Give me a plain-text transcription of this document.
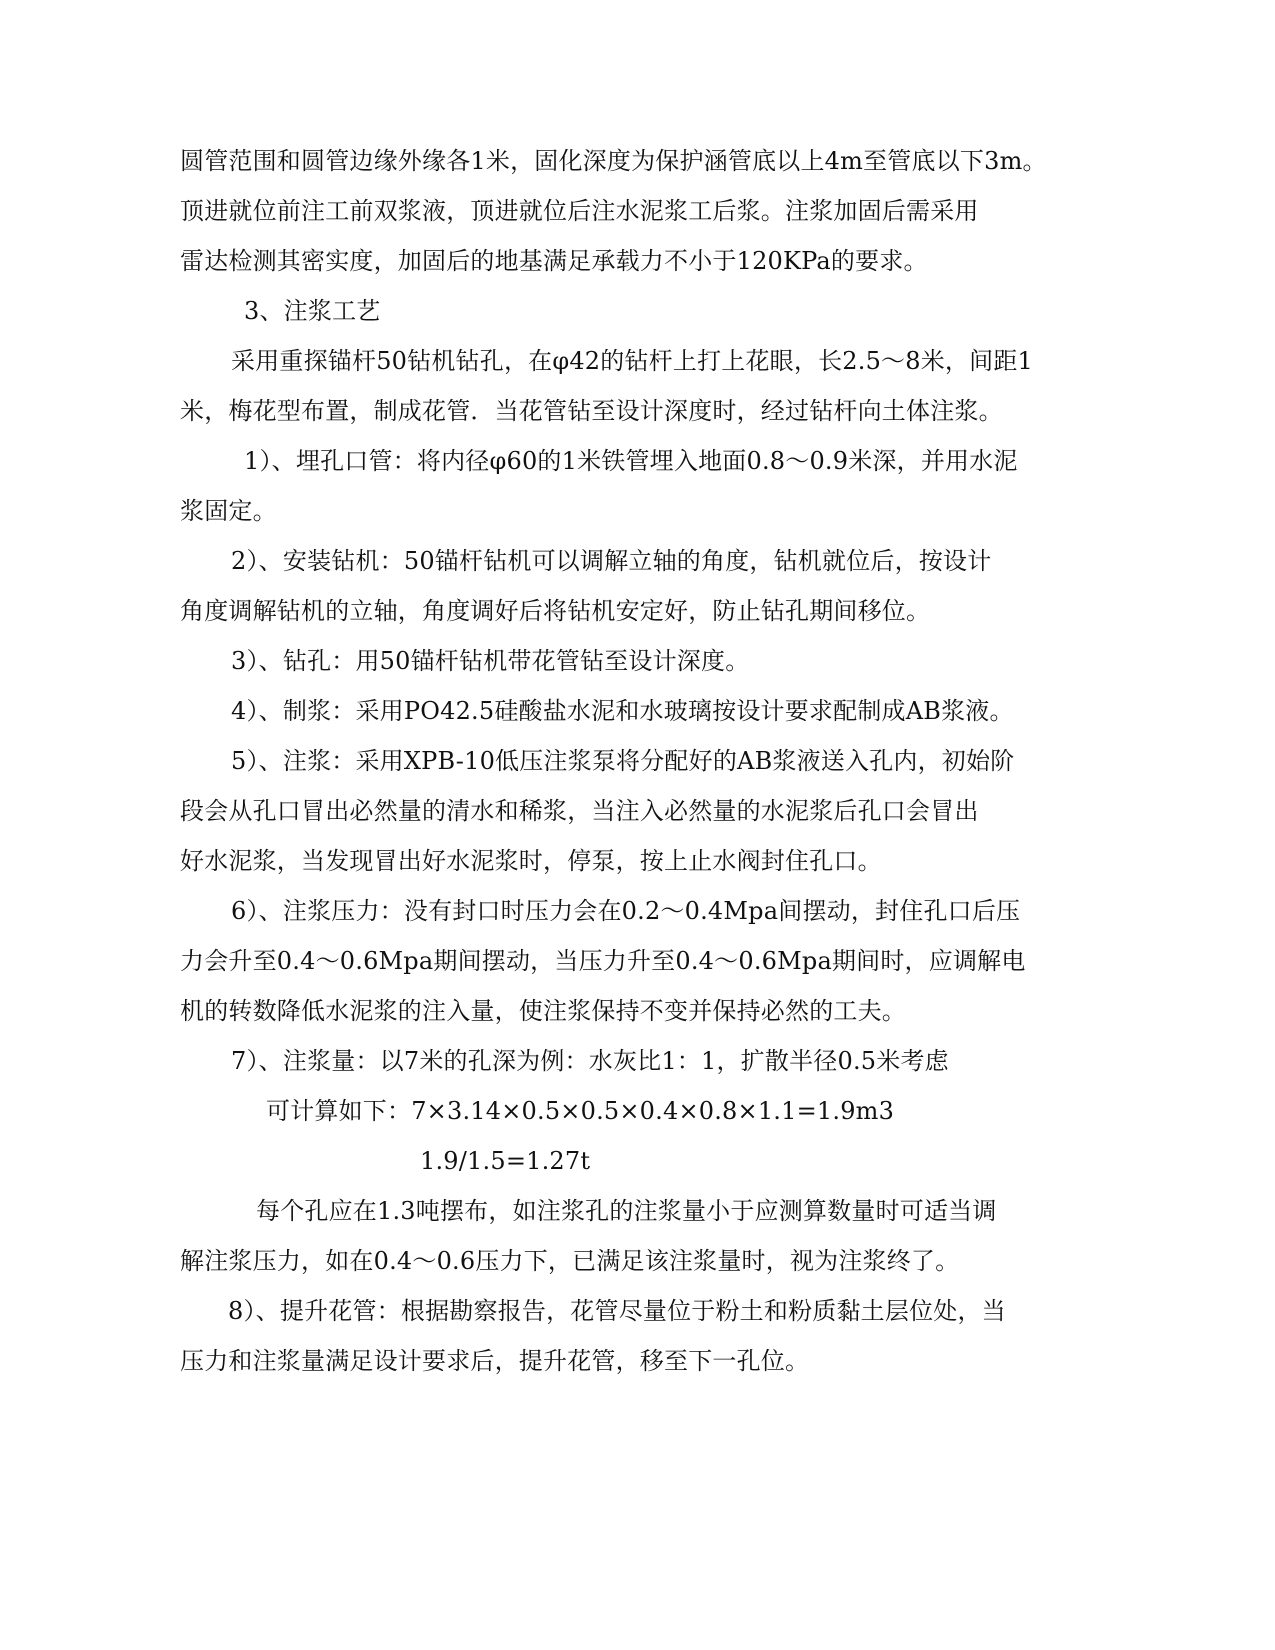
圆管范围和圆管边缘外缘各1米，固化深度为保护涵管底以上4m至管底以下3m。
顶进就位前注工前双浆液，顶进就位后注水泥浆工后浆。注浆加固后需采用
雷达检测其密实度，加固后的地基满足承载力不小于120KPa的要求。
3、注浆工艺
采用重探锚杆50钻机钻孔，在φ42的钻杆上打上花眼，长2.5～8米，间距1
米，梅花型布置，制成花管．当花管钻至设计深度时，经过钻杆向土体注浆。
1）、埋孔口管：将内径φ60的1米铁管埋入地面0.8～0.9米深，并用水泥
浆固定。
2）、安装钻机：50锚杆钻机可以调解立轴的角度，钻机就位后，按设计
角度调解钻机的立轴，角度调好后将钻机安定好，防止钻孔期间移位。
3）、钻孔：用50锚杆钻机带花管钻至设计深度。
4）、制浆：采用PO42.5硅酸盐水泥和水玻璃按设计要求配制成AB浆液。
5）、注浆：采用XPB-10低压注浆泵将分配好的AB浆液送入孔内，初始阶
段会从孔口冒出必然量的清水和稀浆，当注入必然量的水泥浆后孔口会冒出
好水泥浆，当发现冒出好水泥浆时，停泵，按上止水阀封住孔口。
6）、注浆压力：没有封口时压力会在0.2～0.4Mpa间摆动，封住孔口后压
力会升至0.4～0.6Mpa期间摆动，当压力升至0.4～0.6Mpa期间时，应调解电
机的转数降低水泥浆的注入量，使注浆保持不变并保持必然的工夫。
7）、注浆量：以7米的孔深为例：水灰比1：1，扩散半径0.5米考虑
可计算如下：7×3.14×0.5×0.5×0.4×0.8×1.1=1.9m3
1.9/1.5=1.27t
每个孔应在1.3吨摆布，如注浆孔的注浆量小于应测算数量时可适当调
解注浆压力，如在0.4～0.6压力下，已满足该注浆量时，视为注浆终了。
8）、提升花管：根据勘察报告，花管尽量位于粉土和粉质黏土层位处，当
压力和注浆量满足设计要求后，提升花管，移至下一孔位。
